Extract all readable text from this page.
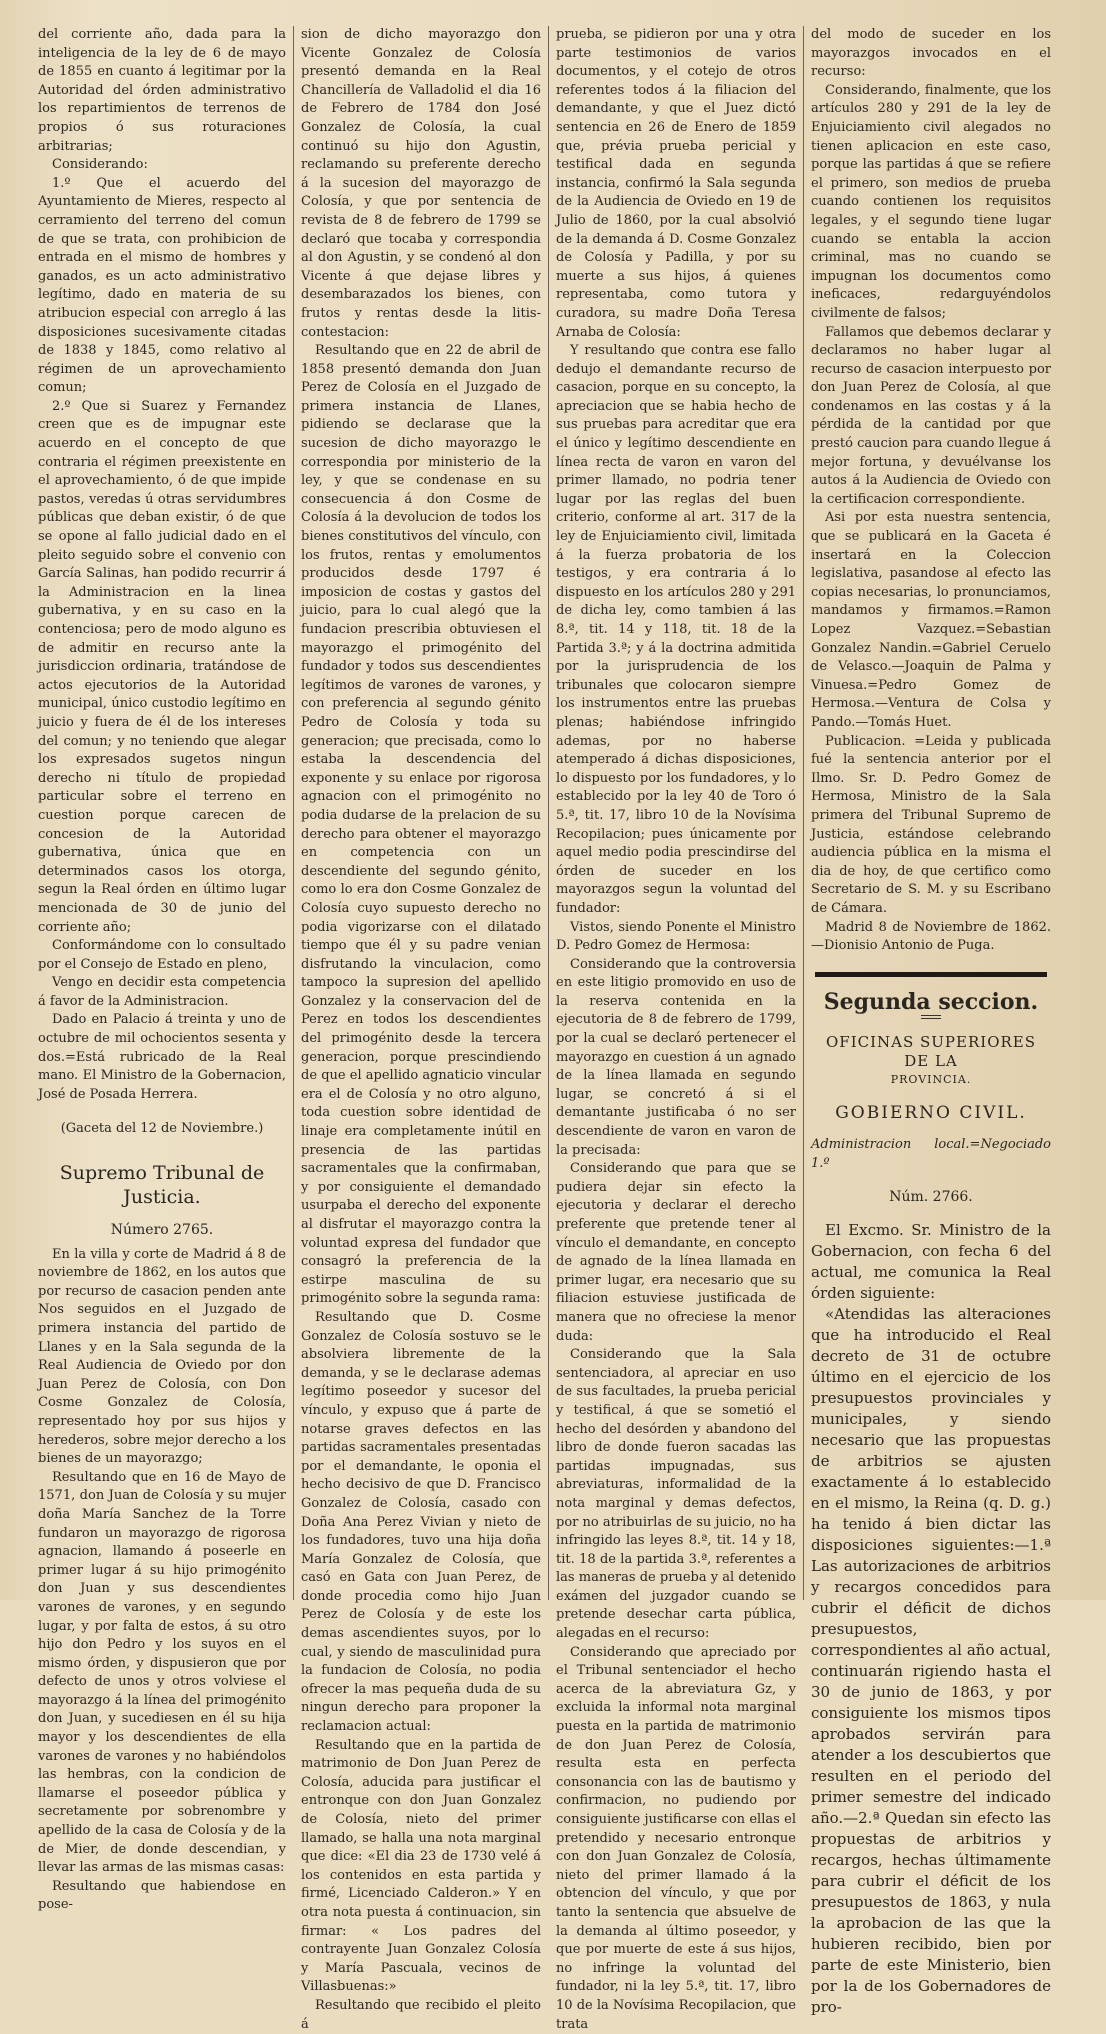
del corriente año, dada para la inteligencia de la ley de 6 de mayo de 1855 en cuanto á legitimar por la Autoridad del órden administrativo los repartimientos de terrenos de propios ó sus roturaciones arbitrarias;

Considerando:

1.º Que el acuerdo del Ayuntamiento de Mieres, respecto al cerramiento del terreno del comun de que se trata, con prohibicion de entrada en el mismo de hombres y ganados, es un acto administrativo legítimo, dado en materia de su atribucion especial con arreglo á las disposiciones sucesivamente citadas de 1838 y 1845, como relativo al régimen de un aprovechamiento comun;

2.º Que si Suarez y Fernandez creen que es de impugnar este acuerdo en el concepto de que contraria el régimen preexistente en el aprovechamiento, ó de que impide pastos, veredas ú otras servidumbres públicas que deban existir, ó de que se opone al fallo judicial dado en el pleito seguido sobre el convenio con García Salinas, han podido recurrir á la Administracion en la linea gubernativa, y en su caso en la contenciosa; pero de modo alguno es de admitir en recurso ante la jurisdiccion ordinaria, tratándose de actos ejecutorios de la Autoridad municipal, único custodio legítimo en juicio y fuera de él de los intereses del comun; y no teniendo que alegar los expresados sugetos ningun derecho ni título de propiedad particular sobre el terreno en cuestion porque carecen de concesion de la Autoridad gubernativa, única que en determinados casos los otorga, segun la Real órden en último lugar mencionada de 30 de junio del corriente año;

Conformándome con lo consultado por el Consejo de Estado en pleno,

Vengo en decidir esta competencia á favor de la Administracion.

Dado en Palacio á treinta y uno de octubre de mil ochocientos sesenta y dos.=Está rubricado de la Real mano. El Ministro de la Gobernacion, José de Posada Herrera.

(Gaceta del 12 de Noviembre.)

Supremo Tribunal de Justicia.
Número 2765.

En la villa y corte de Madrid á 8 de noviembre de 1862, en los autos que por recurso de casacion penden ante Nos seguidos en el Juzgado de primera instancia del partido de Llanes y en la Sala segunda de la Real Audiencia de Oviedo por don Juan Perez de Colosía, con Don Cosme Gonzalez de Colosía, representado hoy por sus hijos y herederos, sobre mejor derecho a los bienes de un mayorazgo;

Resultando que en 16 de Mayo de 1571, don Juan de Colosía y su mujer doña María Sanchez de la Torre fundaron un mayorazgo de rigorosa agnacion, llamando á poseerle en primer lugar á su hijo primogénito don Juan y sus descendientes varones de varones, y en segundo lugar, y por falta de estos, á su otro hijo don Pedro y los suyos en el mismo órden, y dispusieron que por defecto de unos y otros volviese el mayorazgo á la línea del primogénito don Juan, y sucediesen en él su hija mayor y los descendientes de ella varones de varones y no habiéndolos las hembras, con la condicion de llamarse el poseedor pública y secretamente por sobrenombre y apellido de la casa de Colosía y de la de Mier, de donde descendian, y llevar las armas de las mismas casas:

Resultando que habiendose en pose-

sion de dicho mayorazgo don Vicente Gonzalez de Colosía presentó demanda en la Real Chancillería de Valladolid el dia 16 de Febrero de 1784 don José Gonzalez de Colosía, la cual continuó su hijo don Agustin, reclamando su preferente derecho á la sucesion del mayorazgo de Colosía, y que por sentencia de revista de 8 de febrero de 1799 se declaró que tocaba y correspondia al don Agustin, y se condenó al don Vicente á que dejase libres y desembarazados los bienes, con frutos y rentas desde la litis-contestacion:

Resultando que en 22 de abril de 1858 presentó demanda don Juan Perez de Colosía en el Juzgado de primera instancia de Llanes, pidiendo se declarase que la sucesion de dicho mayorazgo le correspondia por ministerio de la ley, y que se condenase en su consecuencia á don Cosme de Colosía á la devolucion de todos los bienes constitutivos del vínculo, con los frutos, rentas y emolumentos producidos desde 1797 é imposicion de costas y gastos del juicio, para lo cual alegó que la fundacion prescribia obtuviesen el mayorazgo el primogénito del fundador y todos sus descendientes legítimos de varones de varones, y con preferencia al segundo génito Pedro de Colosía y toda su generacion; que precisada, como lo estaba la descendencia del exponente y su enlace por rigorosa agnacion con el primogénito no podia dudarse de la prelacion de su derecho para obtener el mayorazgo en competencia con un descendiente del segundo génito, como lo era don Cosme Gonzalez de Colosía cuyo supuesto derecho no podia vigorizarse con el dilatado tiempo que él y su padre venian disfrutando la vinculacion, como tampoco la supresion del apellido Gonzalez y la conservacion del de Perez en todos los descendientes del primogénito desde la tercera generacion, porque prescindiendo de que el apellido agnaticio vincular era el de Colosía y no otro alguno, toda cuestion sobre identidad de linaje era completamente inútil en presencia de las partidas sacramentales que la confirmaban, y por consiguiente el demandado usurpaba el derecho del exponente al disfrutar el mayorazgo contra la voluntad expresa del fundador que consagró la preferencia de la estirpe masculina de su primogénito sobre la segunda rama:

Resultando que D. Cosme Gonzalez de Colosía sostuvo se le absolviera libremente de la demanda, y se le declarase ademas legítimo poseedor y sucesor del vínculo, y expuso que á parte de notarse graves defectos en las partidas sacramentales presentadas por el demandante, le oponia el hecho decisivo de que D. Francisco Gonzalez de Colosía, casado con Doña Ana Perez Vivian y nieto de los fundadores, tuvo una hija doña María Gonzalez de Colosía, que casó en Gata con Juan Perez, de donde procedia como hijo Juan Perez de Colosía y de este los demas ascendientes suyos, por lo cual, y siendo de masculinidad pura la fundacion de Colosía, no podia ofrecer la mas pequeña duda de su ningun derecho para proponer la reclamacion actual:

Resultando que en la partida de matrimonio de Don Juan Perez de Colosía, aducida para justificar el entronque con don Juan Gonzalez de Colosía, nieto del primer llamado, se halla una nota marginal que dice: «El dia 23 de 1730 velé á los contenidos en esta partida y firmé, Licenciado Calderon.» Y en otra nota puesta á continuacion, sin firmar: « Los padres del contrayente Juan Gonzalez Colosía y María Pascuala, vecinos de Villasbuenas:»

Resultando que recibido el pleito á

prueba, se pidieron por una y otra parte testimonios de varios documentos, y el cotejo de otros referentes todos á la filiacion del demandante, y que el Juez dictó sentencia en 26 de Enero de 1859 que, prévia prueba pericial y testifical dada en segunda instancia, confirmó la Sala segunda de la Audiencia de Oviedo en 19 de Julio de 1860, por la cual absolvió de la demanda á D. Cosme Gonzalez de Colosía y Padilla, y por su muerte a sus hijos, á quienes representaba, como tutora y curadora, su madre Doña Teresa Arnaba de Colosía:

Y resultando que contra ese fallo dedujo el demandante recurso de casacion, porque en su concepto, la apreciacion que se habia hecho de sus pruebas para acreditar que era el único y legítimo descendiente en línea recta de varon en varon del primer llamado, no podria tener lugar por las reglas del buen criterio, conforme al art. 317 de la ley de Enjuiciamiento civil, limitada á la fuerza probatoria de los testigos, y era contraria á lo dispuesto en los artículos 280 y 291 de dicha ley, como tambien á las 8.ª, tit. 14 y 118, tit. 18 de la Partida 3.ª; y á la doctrina admitida por la jurisprudencia de los tribunales que colocaron siempre los instrumentos entre las pruebas plenas; habiéndose infringido ademas, por no haberse atemperado á dichas disposiciones, lo dispuesto por los fundadores, y lo establecido por la ley 40 de Toro ó 5.ª, tit. 17, libro 10 de la Novísima Recopilacion; pues únicamente por aquel medio podia prescindirse del órden de suceder en los mayorazgos segun la voluntad del fundador:

Vistos, siendo Ponente el Ministro D. Pedro Gomez de Hermosa:

Considerando que la controversia en este litigio promovido en uso de la reserva contenida en la ejecutoria de 8 de febrero de 1799, por la cual se declaró pertenecer el mayorazgo en cuestion á un agnado de la línea llamada en segundo lugar, se concretó á si el demantante justificaba ó no ser descendiente de varon en varon de la precisada:

Considerando que para que se pudiera dejar sin efecto la ejecutoria y declarar el derecho preferente que pretende tener al vínculo el demandante, en concepto de agnado de la línea llamada en primer lugar, era necesario que su filiacion estuviese justificada de manera que no ofreciese la menor duda:

Considerando que la Sala sentenciadora, al apreciar en uso de sus facultades, la prueba pericial y testifical, á que se sometió el hecho del desórden y abandono del libro de donde fueron sacadas las partidas impugnadas, sus abreviaturas, informalidad de la nota marginal y demas defectos, por no atribuirlas de su juicio, no ha infringido las leyes 8.ª, tit. 14 y 18, tit. 18 de la partida 3.ª, referentes a las maneras de prueba y al detenido exámen del juzgador cuando se pretende desechar carta pública, alegadas en el recurso:

Considerando que apreciado por el Tribunal sentenciador el hecho acerca de la abreviatura Gz, y excluida la informal nota marginal puesta en la partida de matrimonio de don Juan Perez de Colosía, resulta esta en perfecta consonancia con las de bautismo y confirmacion, no pudiendo por consiguiente justificarse con ellas el pretendido y necesario entronque con don Juan Gonzalez de Colosía, nieto del primer llamado á la obtencion del vínculo, y que por tanto la sentencia que absuelve de la demanda al último poseedor, y que por muerte de este á sus hijos, no infringe la voluntad del fundador, ni la ley 5.ª, tit. 17, libro 10 de la Novísima Recopilacion, que trata

del modo de suceder en los mayorazgos invocados en el recurso:

Considerando, finalmente, que los artículos 280 y 291 de la ley de Enjuiciamiento civil alegados no tienen aplicacion en este caso, porque las partidas á que se refiere el primero, son medios de prueba cuando contienen los requisitos legales, y el segundo tiene lugar cuando se entabla la accion criminal, mas no cuando se impugnan los documentos como ineficaces, redarguyéndolos civilmente de falsos;

Fallamos que debemos declarar y declaramos no haber lugar al recurso de casacion interpuesto por don Juan Perez de Colosía, al que condenamos en las costas y á la pérdida de la cantidad por que prestó caucion para cuando llegue á mejor fortuna, y devuélvanse los autos á la Audiencia de Oviedo con la certificacion correspondiente.

Asi por esta nuestra sentencia, que se publicará en la Gaceta é insertará en la Coleccion legislativa, pasandose al efecto las copias necesarias, lo pronunciamos, mandamos y firmamos.=Ramon Lopez Vazquez.=Sebastian Gonzalez Nandin.=Gabriel Ceruelo de Velasco.—Joaquin de Palma y Vinuesa.=Pedro Gomez de Hermosa.—Ventura de Colsa y Pando.—Tomás Huet.

Publicacion. =Leida y publicada fué la sentencia anterior por el Ilmo. Sr. D. Pedro Gomez de Hermosa, Ministro de la Sala primera del Tribunal Supremo de Justicia, estándose celebrando audiencia pública en la misma el dia de hoy, de que certifico como Secretario de S. M. y su Escribano de Cámara.

Madrid 8 de Noviembre de 1862.—Dionisio Antonio de Puga.

Segunda seccion.
OFICINAS SUPERIORES DE LA
PROVINCIA.
GOBIERNO CIVIL.
Administracion local.=Negociado 1.º
Núm. 2766.

El Excmo. Sr. Ministro de la Gobernacion, con fecha 6 del actual, me comunica la Real órden siguiente:

«Atendidas las alteraciones que ha introducido el Real decreto de 31 de octubre último en el ejercicio de los presupuestos provinciales y municipales, y siendo necesario que las propuestas de arbitrios se ajusten exactamente á lo establecido en el mismo, la Reina (q. D. g.) ha tenido á bien dictar las disposiciones siguientes:—1.ª Las autorizaciones de arbitrios y recargos concedidos para cubrir el déficit de dichos presupuestos, correspondientes al año actual, continuarán rigiendo hasta el 30 de junio de 1863, y por consiguiente los mismos tipos aprobados servirán para atender a los descubiertos que resulten en el periodo del primer semestre del indicado año.—2.ª Quedan sin efecto las propuestas de arbitrios y recargos, hechas últimamente para cubrir el déficit de los presupuestos de 1863, y nula la aprobacion de las que la hubieren recibido, bien por parte de este Ministerio, bien por la de los Gobernadores de pro-
